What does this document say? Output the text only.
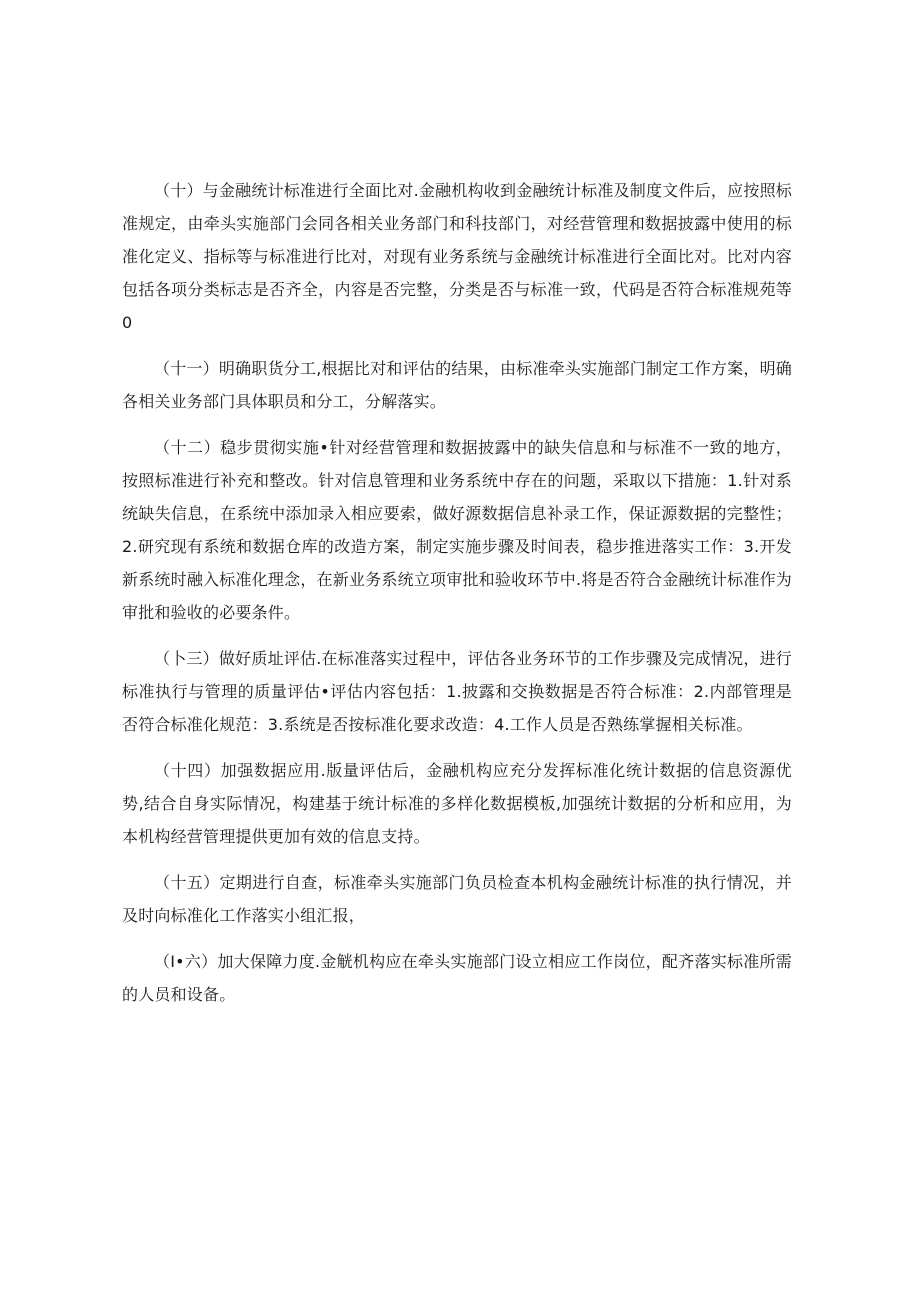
（十）与金融统计标准进行全面比对.金融机构收到金融统计标准及制度文件后，应按照标准规定，由牵头实施部门会同各相关业务部门和科技部门，对经营管理和数据披露中使用的标准化定义、指标等与标准进行比对，对现有业务系统与金融统计标准进行全面比对。比对内容包括各项分类标志是否齐全，内容是否完整，分类是否与标准一致，代码是否符合标准规苑等0

（十一）明确职货分工,根据比对和评估的结果，由标准牵头实施部门制定工作方案，明确各相关业务部门具体职员和分工，分解落实。

（十二）稳步贯彻实施•针对经营管理和数据披露中的缺失信息和与标准不一致的地方，按照标准进行补充和整改。针对信息管理和业务系统中存在的问题，采取以下措施：1.针对系统缺失信息，在系统中添加录入相应要索，做好源数据信息补录工作，保证源数据的完整性；2.研究现有系统和数据仓库的改造方案，制定实施步骤及时间表，稳步推进落实工作：3.开发新系统时融入标准化理念，在新业务系统立项审批和验收环节中.将是否符合金融统计标准作为审批和验收的必要条件。

（卜三）做好质址评估.在标准落实过程中，评估各业务环节的工作步骤及完成情况，进行标准执行与管理的质量评估•评估内容包括：1.披露和交换数据是否符合标准：2.内部管理是否符合标准化规范：3.系统是否按标准化要求改造：4.工作人员是否熟练掌握相关标准。

（十四）加强数据应用.版量评估后，金融机构应充分发挥标准化统计数据的信息资源优势,结合自身实际情况，构建基于统计标准的多样化数据模板,加强统计数据的分析和应用，为本机构经营管理提供更加有效的信息支持。

（十五）定期进行自查，标准牵头实施部门负员检查本机构金融统计标准的执行情况，并及时向标准化工作落实小组汇报，

（I•六）加大保障力度.金觥机构应在牵头实施部门设立相应工作岗位，配齐落实标准所需的人员和设备。
